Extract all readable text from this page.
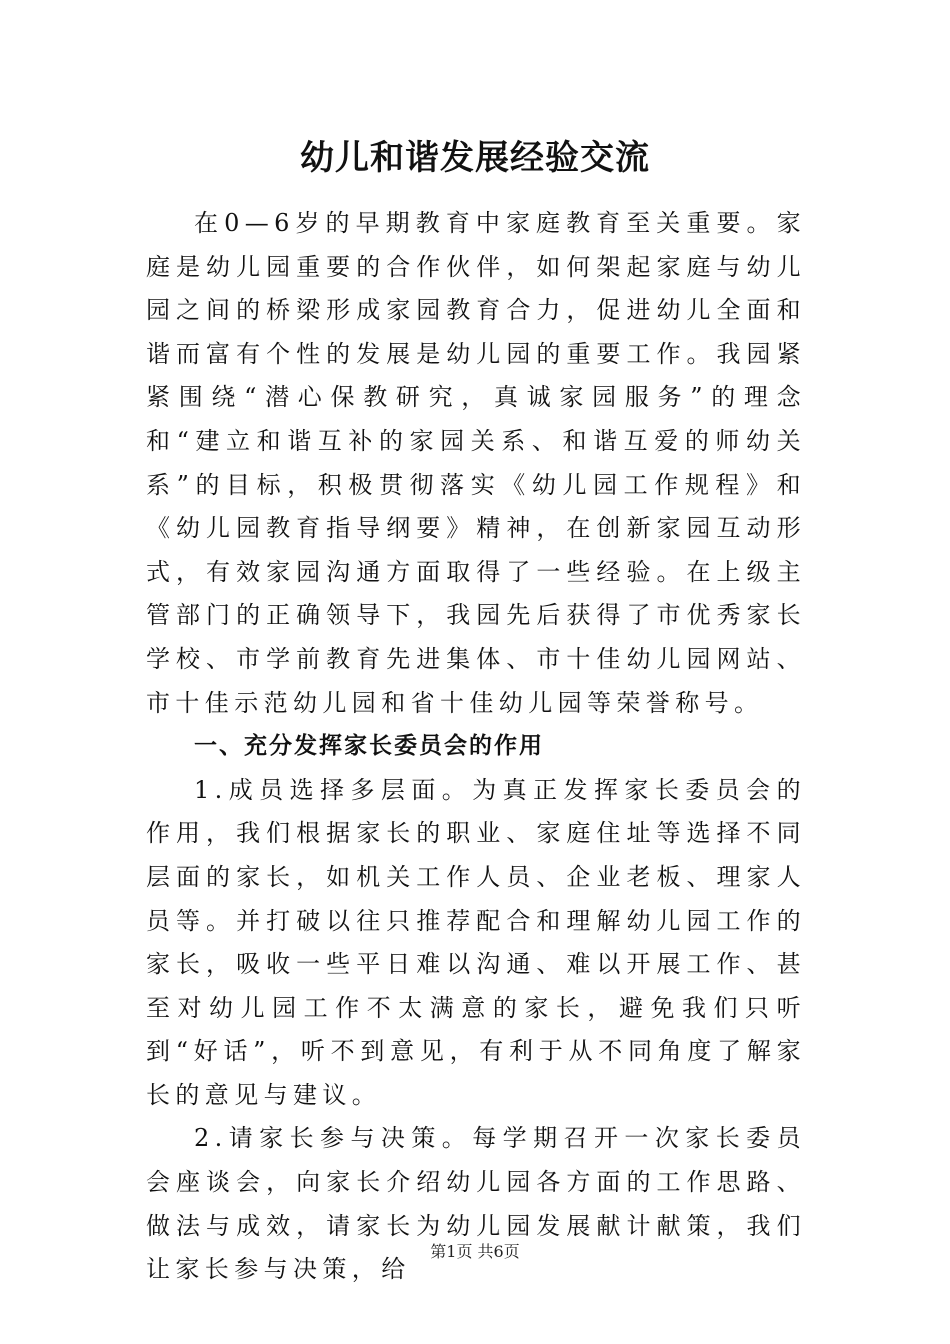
幼儿和谐发展经验交流

在0—6岁的早期教育中家庭教育至关重要。家庭是幼儿园重要的合作伙伴，如何架起家庭与幼儿园之间的桥梁形成家园教育合力，促进幼儿全面和谐而富有个性的发展是幼儿园的重要工作。我园紧紧围绕“潜心保教研究，真诚家园服务”的理念和“建立和谐互补的家园关系、和谐互爱的师幼关系”的目标，积极贯彻落实《幼儿园工作规程》和《幼儿园教育指导纲要》精神，在创新家园互动形式，有效家园沟通方面取得了一些经验。在上级主管部门的正确领导下，我园先后获得了市优秀家长学校、市学前教育先进集体、市十佳幼儿园网站、市十佳示范幼儿园和省十佳幼儿园等荣誉称号。

一、充分发挥家长委员会的作用

1.成员选择多层面。为真正发挥家长委员会的作用，我们根据家长的职业、家庭住址等选择不同层面的家长，如机关工作人员、企业老板、理家人员等。并打破以往只推荐配合和理解幼儿园工作的家长，吸收一些平日难以沟通、难以开展工作、甚至对幼儿园工作不太满意的家长，避免我们只听到“好话”，听不到意见，有利于从不同角度了解家长的意见与建议。

2.请家长参与决策。每学期召开一次家长委员会座谈会，向家长介绍幼儿园各方面的工作思路、做法与成效，请家长为幼儿园发展献计献策，我们让家长参与决策，给

第1页 共6页
